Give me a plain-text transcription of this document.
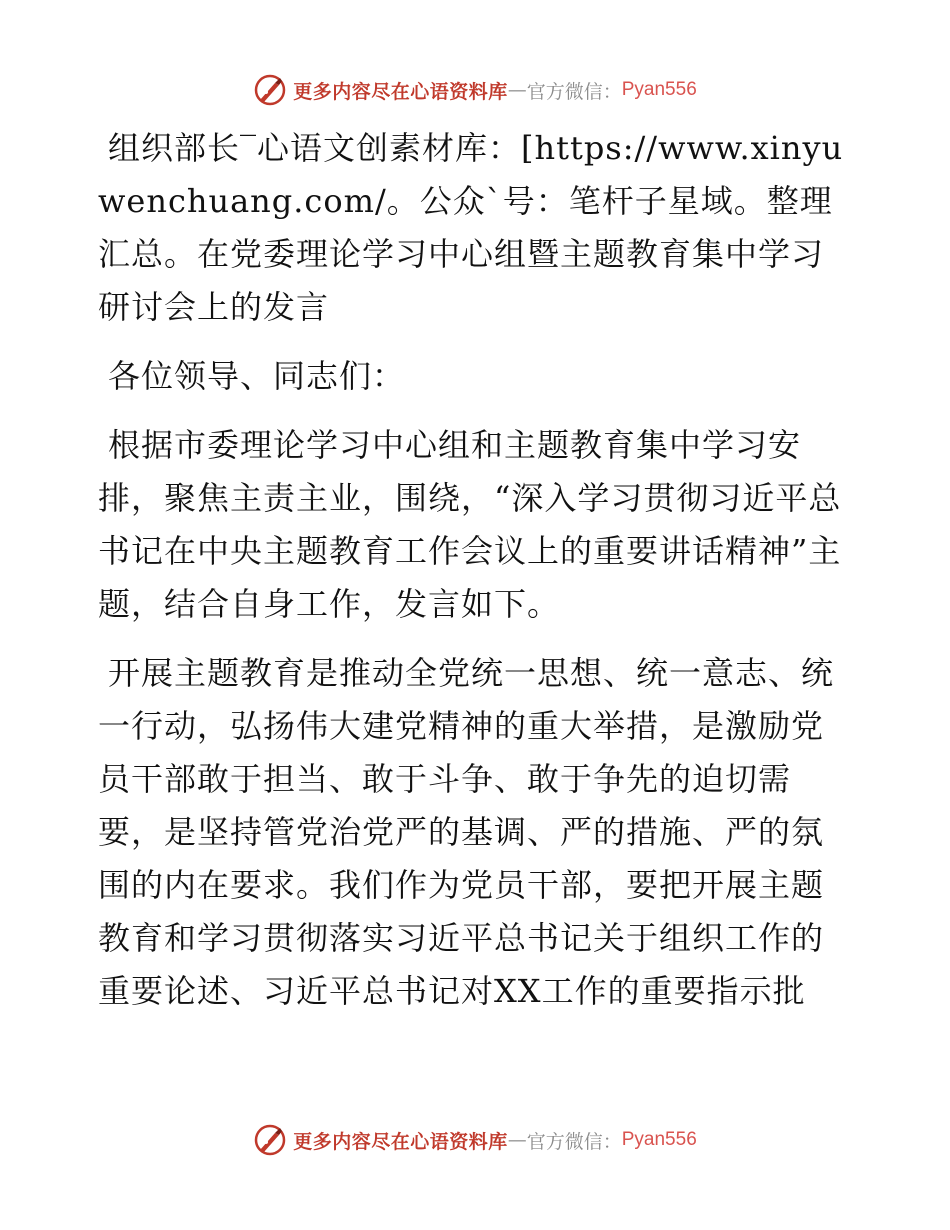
更多内容尽在心语资料库 — 官方微信： Pyan556

组织部长‾心语文创素材库：[https://www.xinyuwenchuang.com/。公众`号：笔杆子星域。整理汇总。在党委理论学习中心组暨主题教育集中学习研讨会上的发言

各位领导、同志们：

根据市委理论学习中心组和主题教育集中学习安排，聚焦主责主业，围绕，“深入学习贯彻习近平总书记在中央主题教育工作会议上的重要讲话精神”主题，结合自身工作，发言如下。

开展主题教育是推动全党统一思想、统一意志、统一行动，弘扬伟大建党精神的重大举措，是激励党员干部敢于担当、敢于斗争、敢于争先的迫切需要，是坚持管党治党严的基调、严的措施、严的氛围的内在要求。我们作为党员干部，要把开展主题教育和学习贯彻落实习近平总书记关于组织工作的重要论述、习近平总书记对XX工作的重要指示批

更多内容尽在心语资料库 — 官方微信： Pyan556
